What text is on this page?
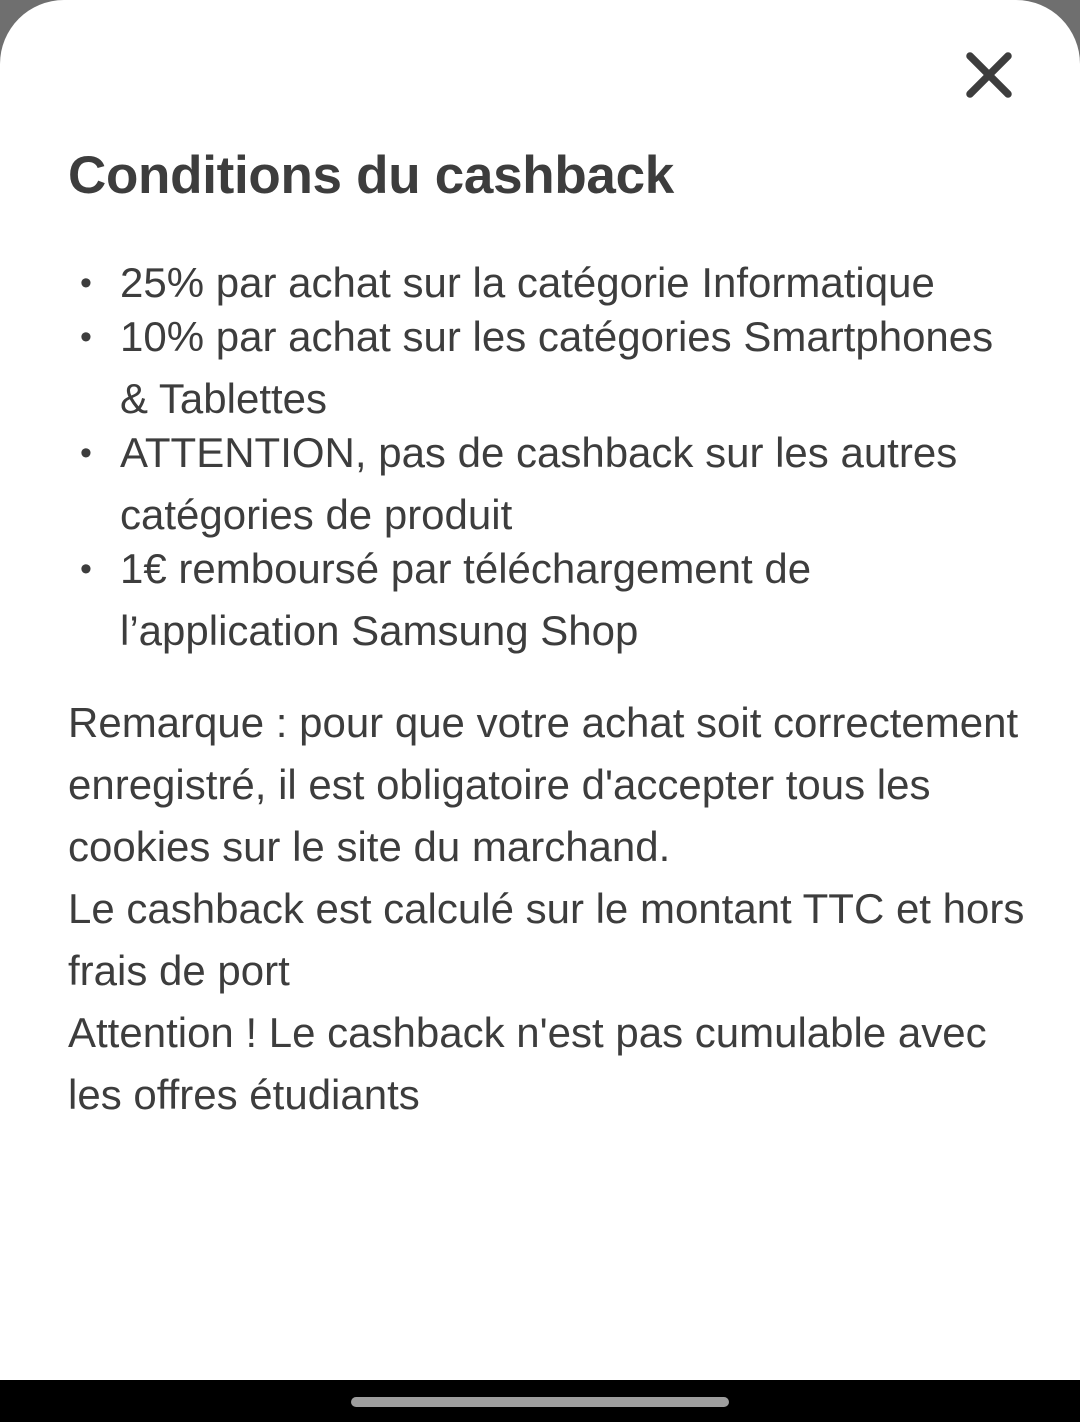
Conditions du cashback
• 25% par achat sur la catégorie Informatique
• 10% par achat sur les catégories Smartphones & Tablettes
• ATTENTION, pas de cashback sur les autres catégories de produit
• 1€ remboursé par téléchargement de l’application Samsung Shop

Remarque : pour que votre achat soit correctement enregistré, il est obligatoire d'accepter tous les cookies sur le site du marchand.

Le cashback est calculé sur le montant TTC et hors frais de port

Attention ! Le cashback n'est pas cumulable avec les offres étudiants
